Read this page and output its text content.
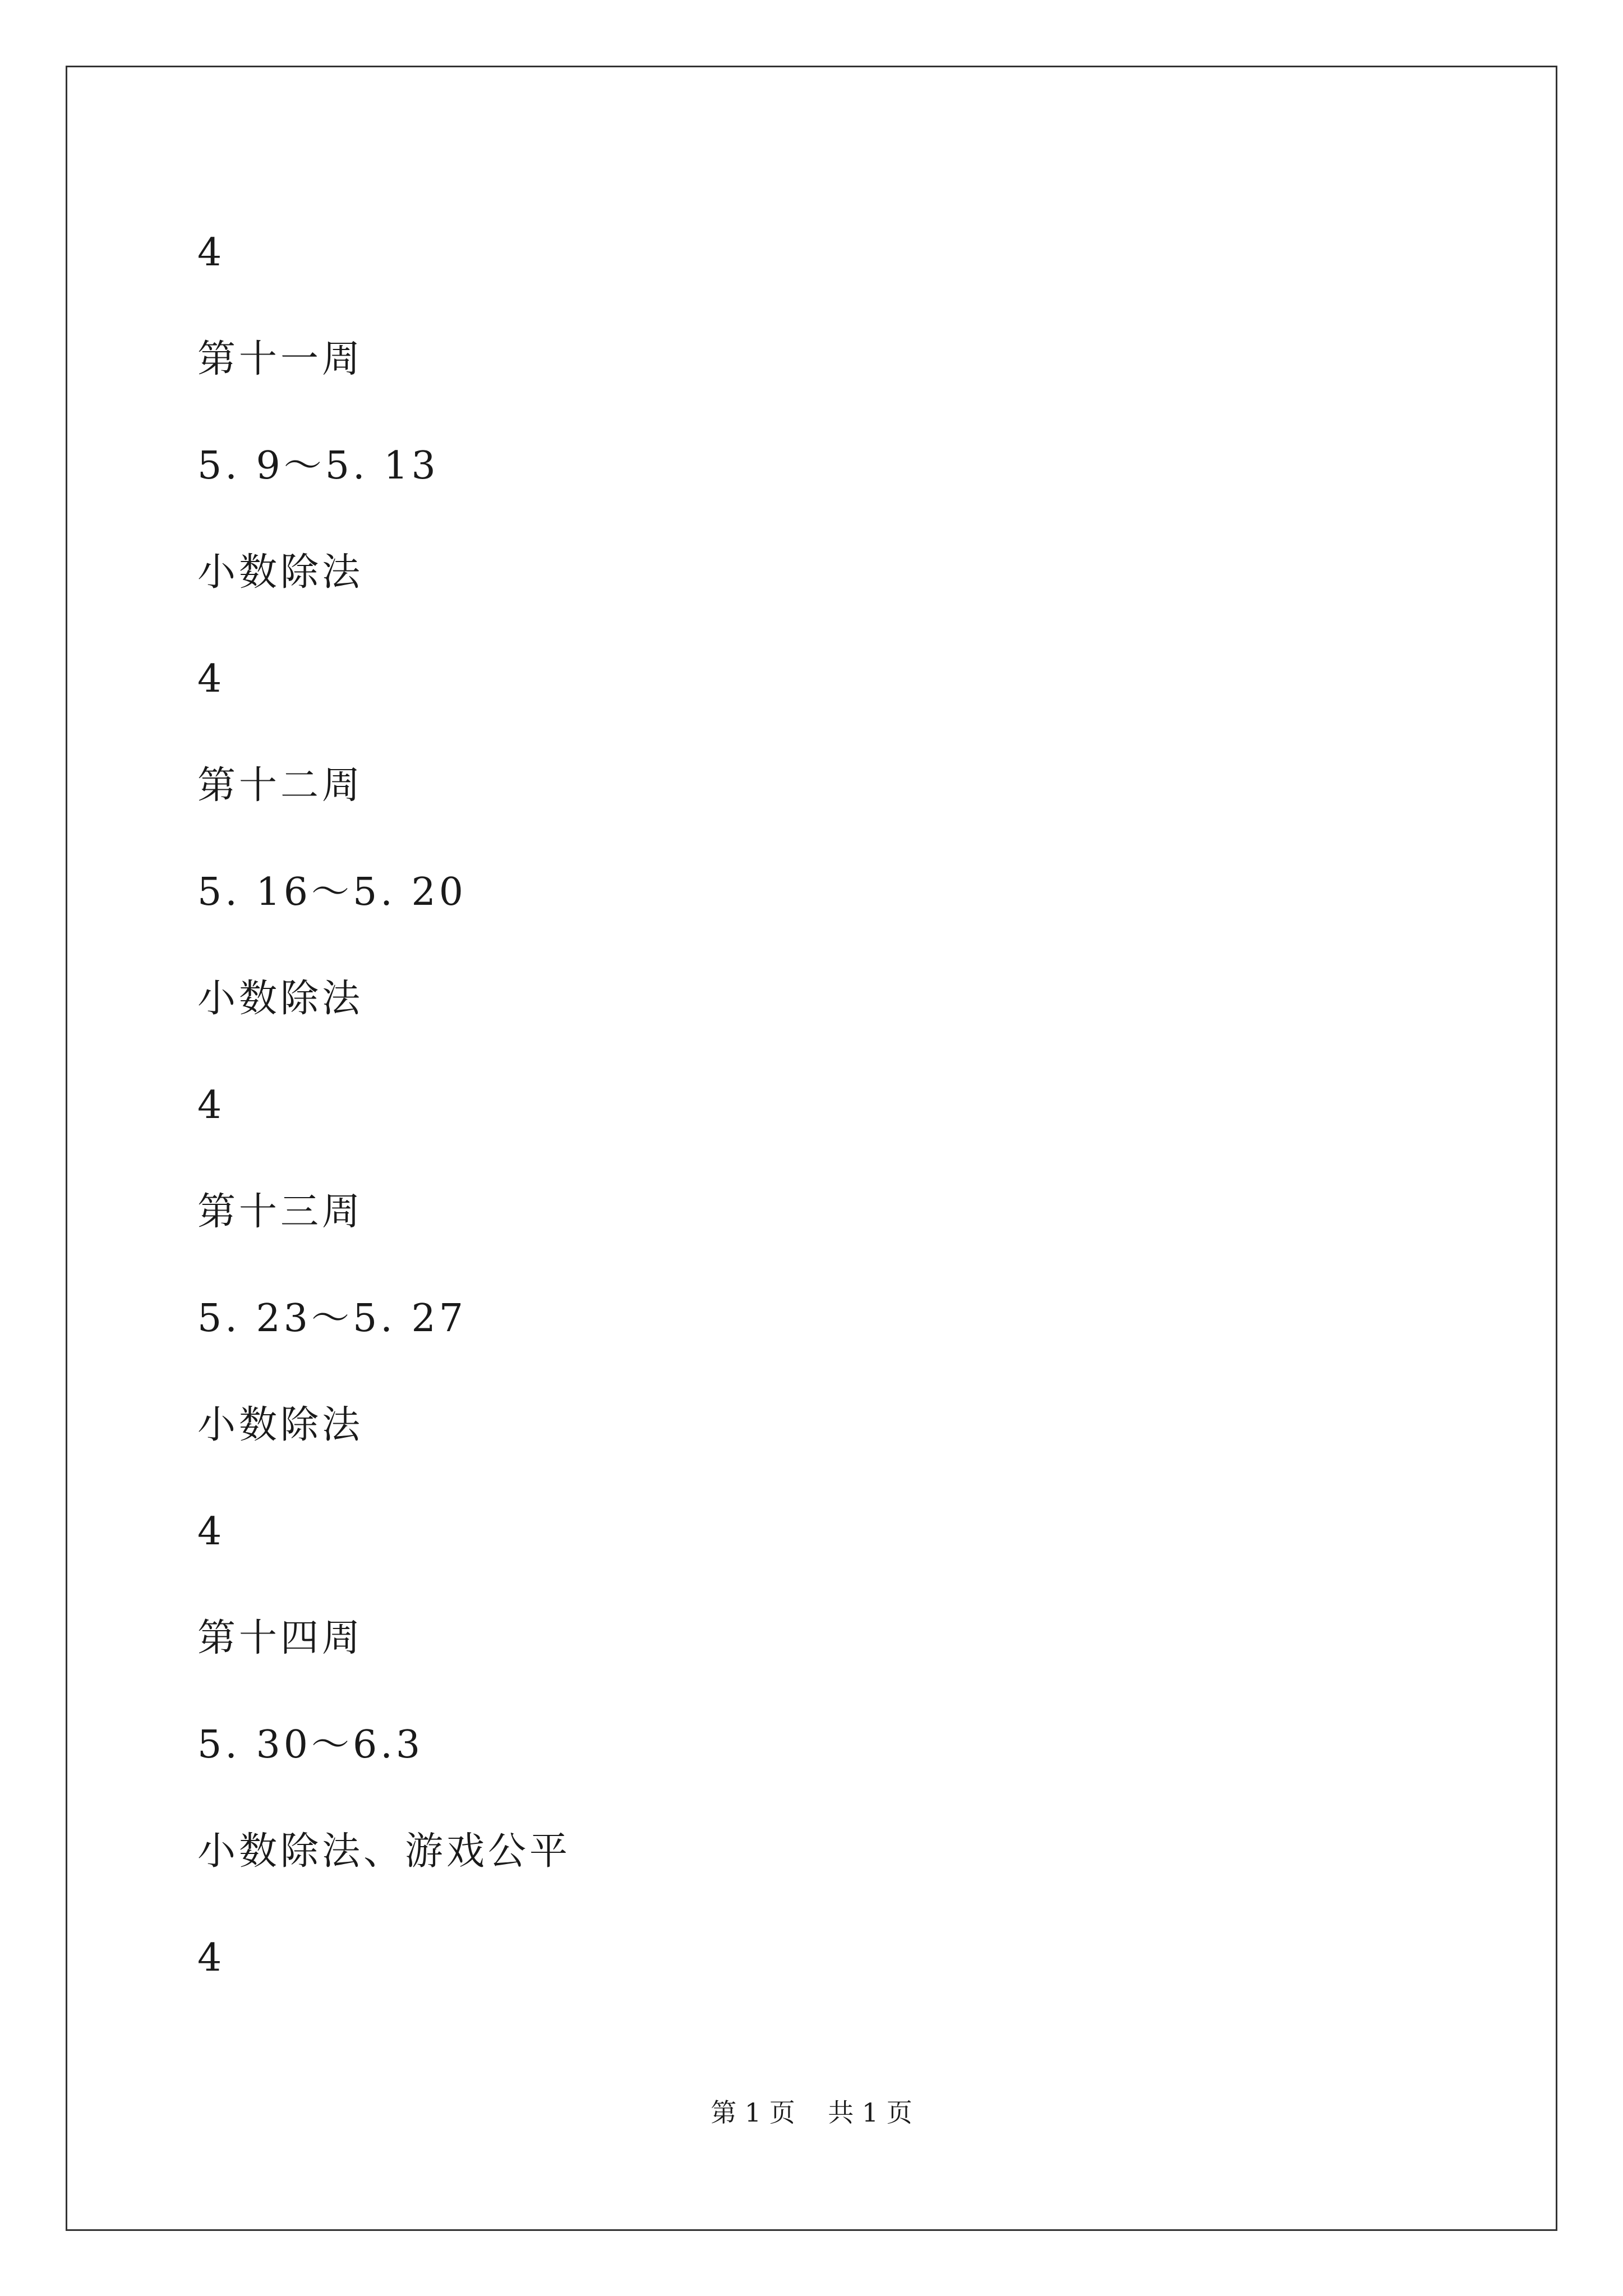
4
第十一周
5. 9～5. 13
小数除法
4
第十二周
5. 16～5. 20
小数除法
4
第十三周
5. 23～5. 27
小数除法
4
第十四周
5. 30～6.3
小数除法、游戏公平
4
第 1 页 共 1 页
